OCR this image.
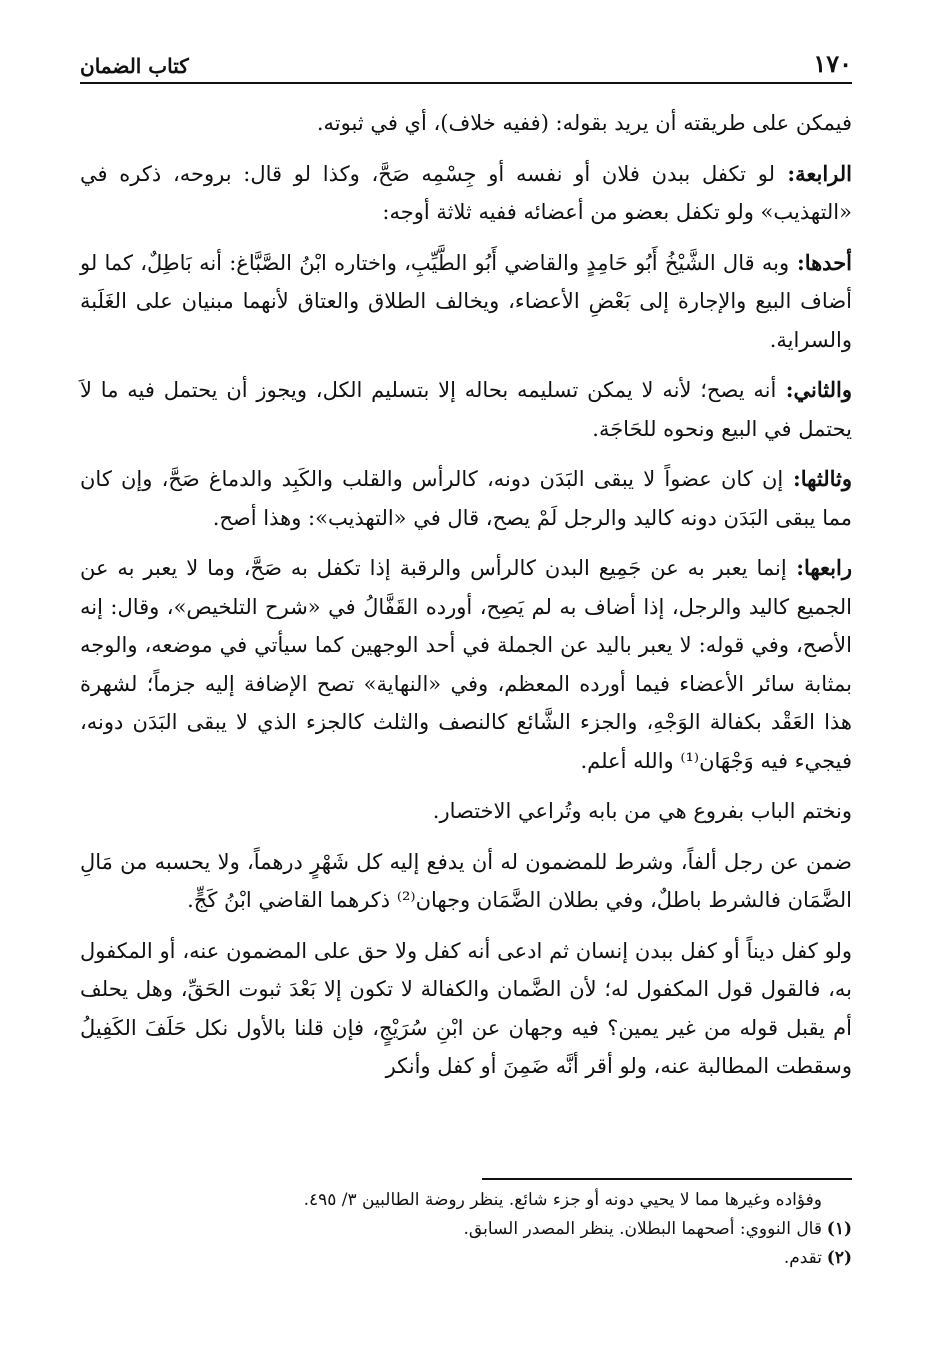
١٧٠
كتاب الضمان

فيمكن على طريقته أن يريد بقوله: (ففيه خلاف)، أي في ثبوته.

الرابعة: لو تكفل ببدن فلان أو نفسه أو جِسْمِه صَحَّ، وكذا لو قال: بروحه، ذكره في «التهذيب» ولو تكفل بعضو من أعضائه ففيه ثلاثة أوجه:

أحدها: وبه قال الشَّيْخُ أَبُو حَامِدٍ والقاضي أَبُو الطَّيِّبِ، واختاره ابْنُ الصَّبَّاغ: أنه بَاطِلٌ، كما لو أضاف البيع والإجارة إلى بَعْضِ الأعضاء، ويخالف الطلاق والعتاق لأنهما مبنيان على الغَلَبة والسراية.

والثاني: أنه يصح؛ لأنه لا يمكن تسليمه بحاله إلا بتسليم الكل، ويجوز أن يحتمل فيه ما لاَ يحتمل في البيع ونحوه للحَاجَة.

وثالثها: إن كان عضواً لا يبقى البَدَن دونه، كالرأس والقلب والكَبِد والدماغ صَحَّ، وإن كان مما يبقى البَدَن دونه كاليد والرجل لَمْ يصح، قال في «التهذيب»: وهذا أصح.

رابعها: إنما يعبر به عن جَمِيع البدن كالرأس والرقبة إذا تكفل به صَحَّ، وما لا يعبر به عن الجميع كاليد والرجل، إذا أضاف به لم يَصِح، أورده القَفَّالُ في «شرح التلخيص»، وقال: إنه الأصح، وفي قوله: لا يعبر باليد عن الجملة في أحد الوجهين كما سيأتي في موضعه، والوجه بمثابة سائر الأعضاء فيما أورده المعظم، وفي «النهاية» تصح الإضافة إليه جزماً؛ لشهرة هذا العَقْد بكفالة الوَجْهِ، والجزء الشَّائع كالنصف والثلث كالجزء الذي لا يبقى البَدَن دونه، فيجيء فيه وَجْهَان⁽¹⁾ والله أعلم.

ونختم الباب بفروع هي من بابه وتُراعي الاختصار.

ضمن عن رجل ألفاً، وشرط للمضمون له أن يدفع إليه كل شَهْرٍ درهماً، ولا يحسبه من مَالِ الضَّمَان فالشرط باطلٌ، وفي بطلان الضَّمَان وجهان⁽²⁾ ذكرهما القاضي ابْنُ كَجٍّ.

ولو كفل ديناً أو كفل ببدن إنسان ثم ادعى أنه كفل ولا حق على المضمون عنه، أو المكفول به، فالقول قول المكفول له؛ لأن الضَّمان والكفالة لا تكون إلا بَعْدَ ثبوت الحَقِّ، وهل يحلف أم يقبل قوله من غير يمين؟ فيه وجهان عن ابْنِ سُرَيْجٍ، فإن قلنا بالأول نكل حَلَفَ الكَفِيلُ وسقطت المطالبة عنه، ولو أقر أنَّه ضَمِنَ أو كفل وأنكر

وفؤاده وغيرها مما لا يحيي دونه أو جزء شائع. ينظر روضة الطالبين ٣/ ٤٩٥.

(١)قال النووي: أصحهما البطلان. ينظر المصدر السابق.

(٢)تقدم.
